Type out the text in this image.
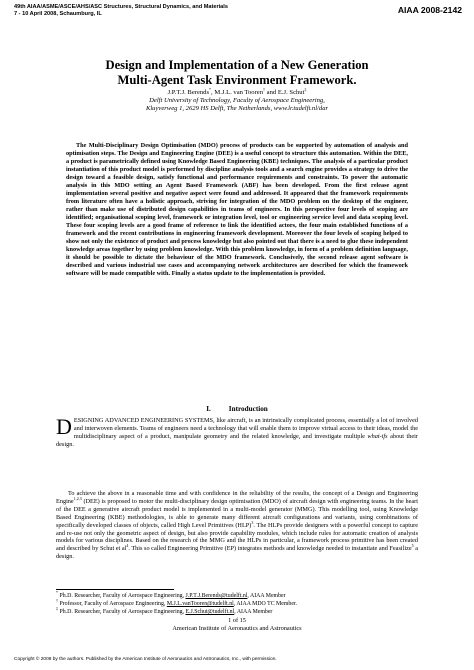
49th AIAA/ASME/ASCE/AHS/ASC Structures, Structural Dynamics, and Materials
7 - 10 April 2008, Schaumburg, IL	AIAA 2008-2142
Design and Implementation of a New Generation
Multi-Agent Task Environment Framework.
J.P.T.J. Berends*, M.J.L. van Tooren† and E.J. Schut‡
Delft University of Technology, Faculty of Aerospace Engineering,
Kluyverweg 1, 2629 HS Delft, The Netherlands, www.lr.tudelft.nl/dar

The Multi-Disciplinary Design Optimisation (MDO) process of products can be supported by automation of analysis and optimisation steps. The Design and Engineering Engine (DEE) is a useful concept to structure this automation. Within the DEE, a product is parametrically defined using Knowledge Based Engineering (KBE) techniques. The analysis of a particular product instantiation of this product model is performed by discipline analysis tools and a search engine provides a strategy to drive the design toward a feasible design, satisfy functional and performance requirements and constraints. To power the automatic analysis in this MDO setting an Agent Based Framework (ABF) has been developed. From the first release agent implementation several positive and negative aspect were found and addressed. It appeared that the framework requirements from literature often have a holistic approach, striving for integration of the MDO problem on the desktop of the engineer, rather than make use of distributed design capabilities in teams of engineers. In this perspective four levels of scoping are identified; organisational scoping level, framework or integration level, tool or engineering service level and data scoping level. These four scoping levels are a good frame of reference to link the identified actors, the four main established functions of a framework and the recent contributions in engineering framework development. Moreover the four levels of scoping helped to show not only the existence of product and process knowledge but also pointed out that there is a need to glue these independent knowledge areas together by using problem knowledge. With this problem knowledge, in form of a problem definition language, it should be possible to dictate the behaviour of the MDO framework. Conclusively, the second release agent software is described and various industrial use cases and accompanying network architectures are described for which the framework software will be made compatible with. Finally a status update to the implementation is provided.

I.	Introduction

DESIGNING ADVANCED ENGINEERING SYSTEMS, like aircraft, is an intrinsically complicated process, essentially a lot of involved and interwoven elements. Teams of engineers need a technology that will enable them to improve virtual access to their ideas, model the multidisciplinary aspect of a product, manipulate geometry and the related knowledge, and investigate multiple what-ifs about their design.

To achieve the above in a reasonable time and with confidence in the reliability of the results, the concept of a Design and Engineering Engine$^{1,2,3}$ (DEE) is proposed to motor the multi-disciplinary design optimisation (MDO) of aircraft design with engineering teams. In the heart of the DEE a generative aircraft product model is implemented in a multi-model generator (MMG). This modelling tool, using Knowledge Based Engineering (KBE) methodologies, is able to generate many different aircraft configurations and variants, using combinations of specifically developed classes of objects, called High Level Primitives (HLP)$^3$. The HLPs provide designers with a powerful concept to capture and re-use not only the geometric aspect of design, but also provide capability modules, which include rules for automatic creation of analysis models for various disciplines. Based on the research of the MMG and the HLPs in particular, a framework process primitive has been created and described by Schut et $al^4$. This so called Engineering Primitive (EP) integrates methods and knowledge needed to instantiate and Feasilize$^5$ a design.

* Ph.D. Researcher, Faculty of Aerospace Engineering, J.P.T.J.Berends@tudelft.nl, AIAA Member
† Professor, Faculty of Aerospace Engineering, M.J.L.vanTooren@tudelft.nl, AIAA MDO TC Member.
‡ Ph.D. Researcher, Faculty of Aerospace Engineering, E.J.Schut@tudelft.nl, AIAA Member
1 of 15
American Institute of Aeronautics and Astronautics
Copyright © 2008 by the authors. Published by the American Institute of Aeronautics and Astronautics, Inc., with permission.
